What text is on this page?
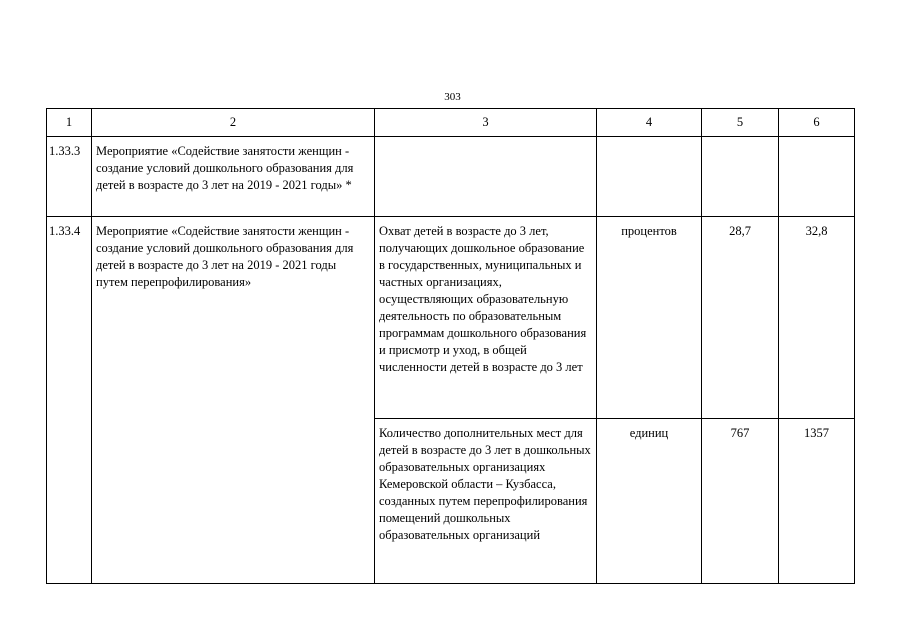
303
1	2	3	4	5	6
1.33.3	Мероприятие «Содействие занятости женщин - создание условий дошкольного образования для детей в возрасте до 3 лет на 2019 - 2021 годы» *				
1.33.4	Мероприятие «Содействие занятости женщин - создание условий дошкольного образования для детей в возрасте до 3 лет на 2019 - 2021 годы путем перепрофилирования»	Охват детей в возрасте до 3 лет, получающих дошкольное образование в государственных, муниципальных и частных организациях, осуществляющих образовательную деятельность по образовательным программам дошкольного образования и присмотр и уход, в общей численности детей в возрасте до 3 лет	процентов	28,7	32,8
		Количество дополнительных мест для детей в возрасте до 3 лет в дошкольных образовательных организациях Кемеровской области – Кузбасса, созданных путем перепрофилирования помещений дошкольных образовательных организаций	единиц	767	1357
